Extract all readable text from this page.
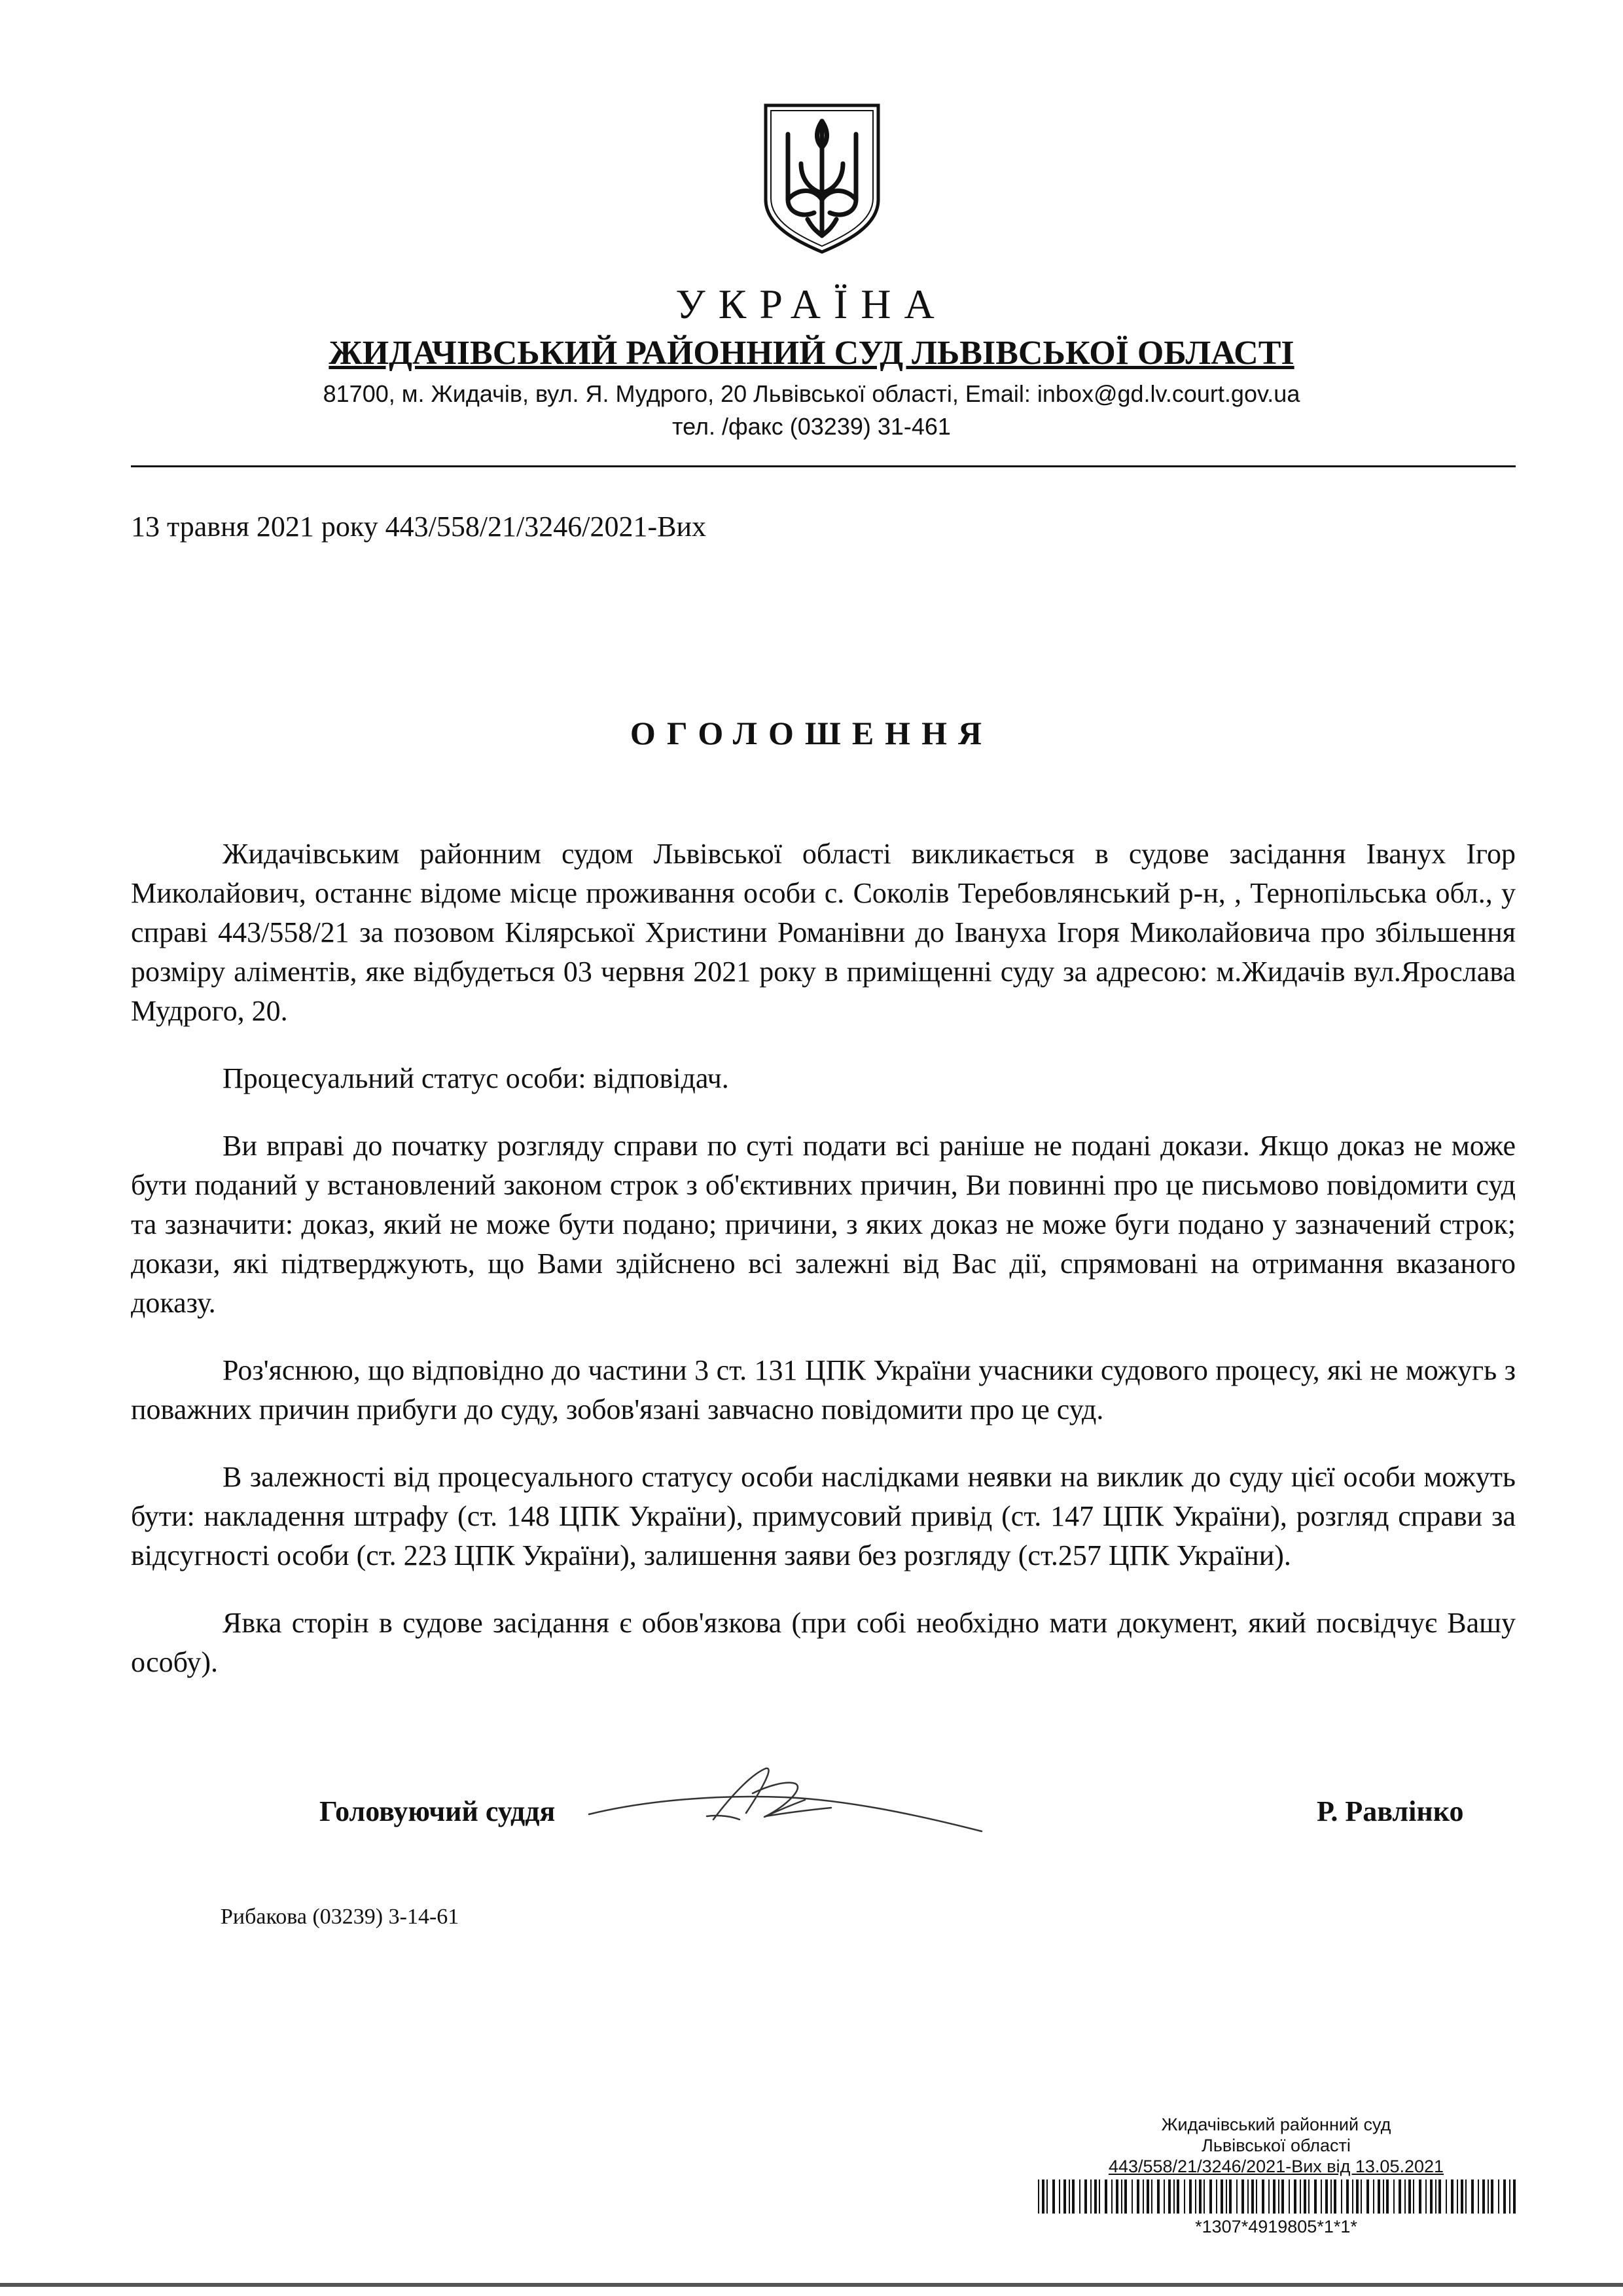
УКРАЇНА
ЖИДАЧІВСЬКИЙ РАЙОННИЙ СУД ЛЬВІВСЬКОЇ ОБЛАСТІ
81700, м. Жидачів, вул. Я. Мудрого, 20 Львівської області, Email: inbox@gd.lv.court.gov.ua
тел. /факс (03239) 31-461
13 травня 2021 року 443/558/21/3246/2021-Вих
ОГОЛОШЕННЯ

Жидачівським районним судом Львівської області викликається в судове засідання Іванух Ігор Миколайович, останнє відоме місце проживання особи с. Соколів Теребовлянський р-н, , Тернопільська обл., у справі 443/558/21 за позовом Кілярської Христини Романівни до Івануха Ігоря Миколайовича про збільшення розміру аліментів, яке відбудеться 03 червня 2021 року в приміщенні суду за адресою: м.Жидачів вул.Ярослава Мудрого, 20.

Процесуальний статус особи: відповідач.

Ви вправі до початку розгляду справи по суті подати всі раніше не подані докази. Якщо доказ не може бути поданий у встановлений законом строк з об'єктивних причин, Ви повинні про це письмово повідомити суд та зазначити: доказ, який не може бути подано; причини, з яких доказ не може буги подано у зазначений строк; докази, які підтверджують, що Вами здійснено всі залежні від Вас дії, спрямовані на отримання вказаного доказу.

Роз'яснюю, що відповідно до частини 3 ст. 131 ЦПК України учасники судового процесу, які не можугь з поважних причин прибуги до суду, зобов'язані завчасно повідомити про це суд.

В залежності від процесуального статусу особи наслідками неявки на виклик до суду цієї особи можуть бути: накладення штрафу (ст. 148 ЦПК України), примусовий привід (ст. 147 ЦПК України), розгляд справи за відсугності особи (ст. 223 ЦПК України), залишення заяви без розгляду (ст.257 ЦПК України).

Явка сторін в судове засідання є обов'язкова (при собі необхідно мати документ, який посвідчує Вашу особу).

Головуючий суддя	Р. Равлінко
Рибакова (03239) 3-14-61
Жидачівський районний суд
Львівської області
443/558/21/3246/2021-Вих від 13.05.2021
*1307*4919805*1*1*
